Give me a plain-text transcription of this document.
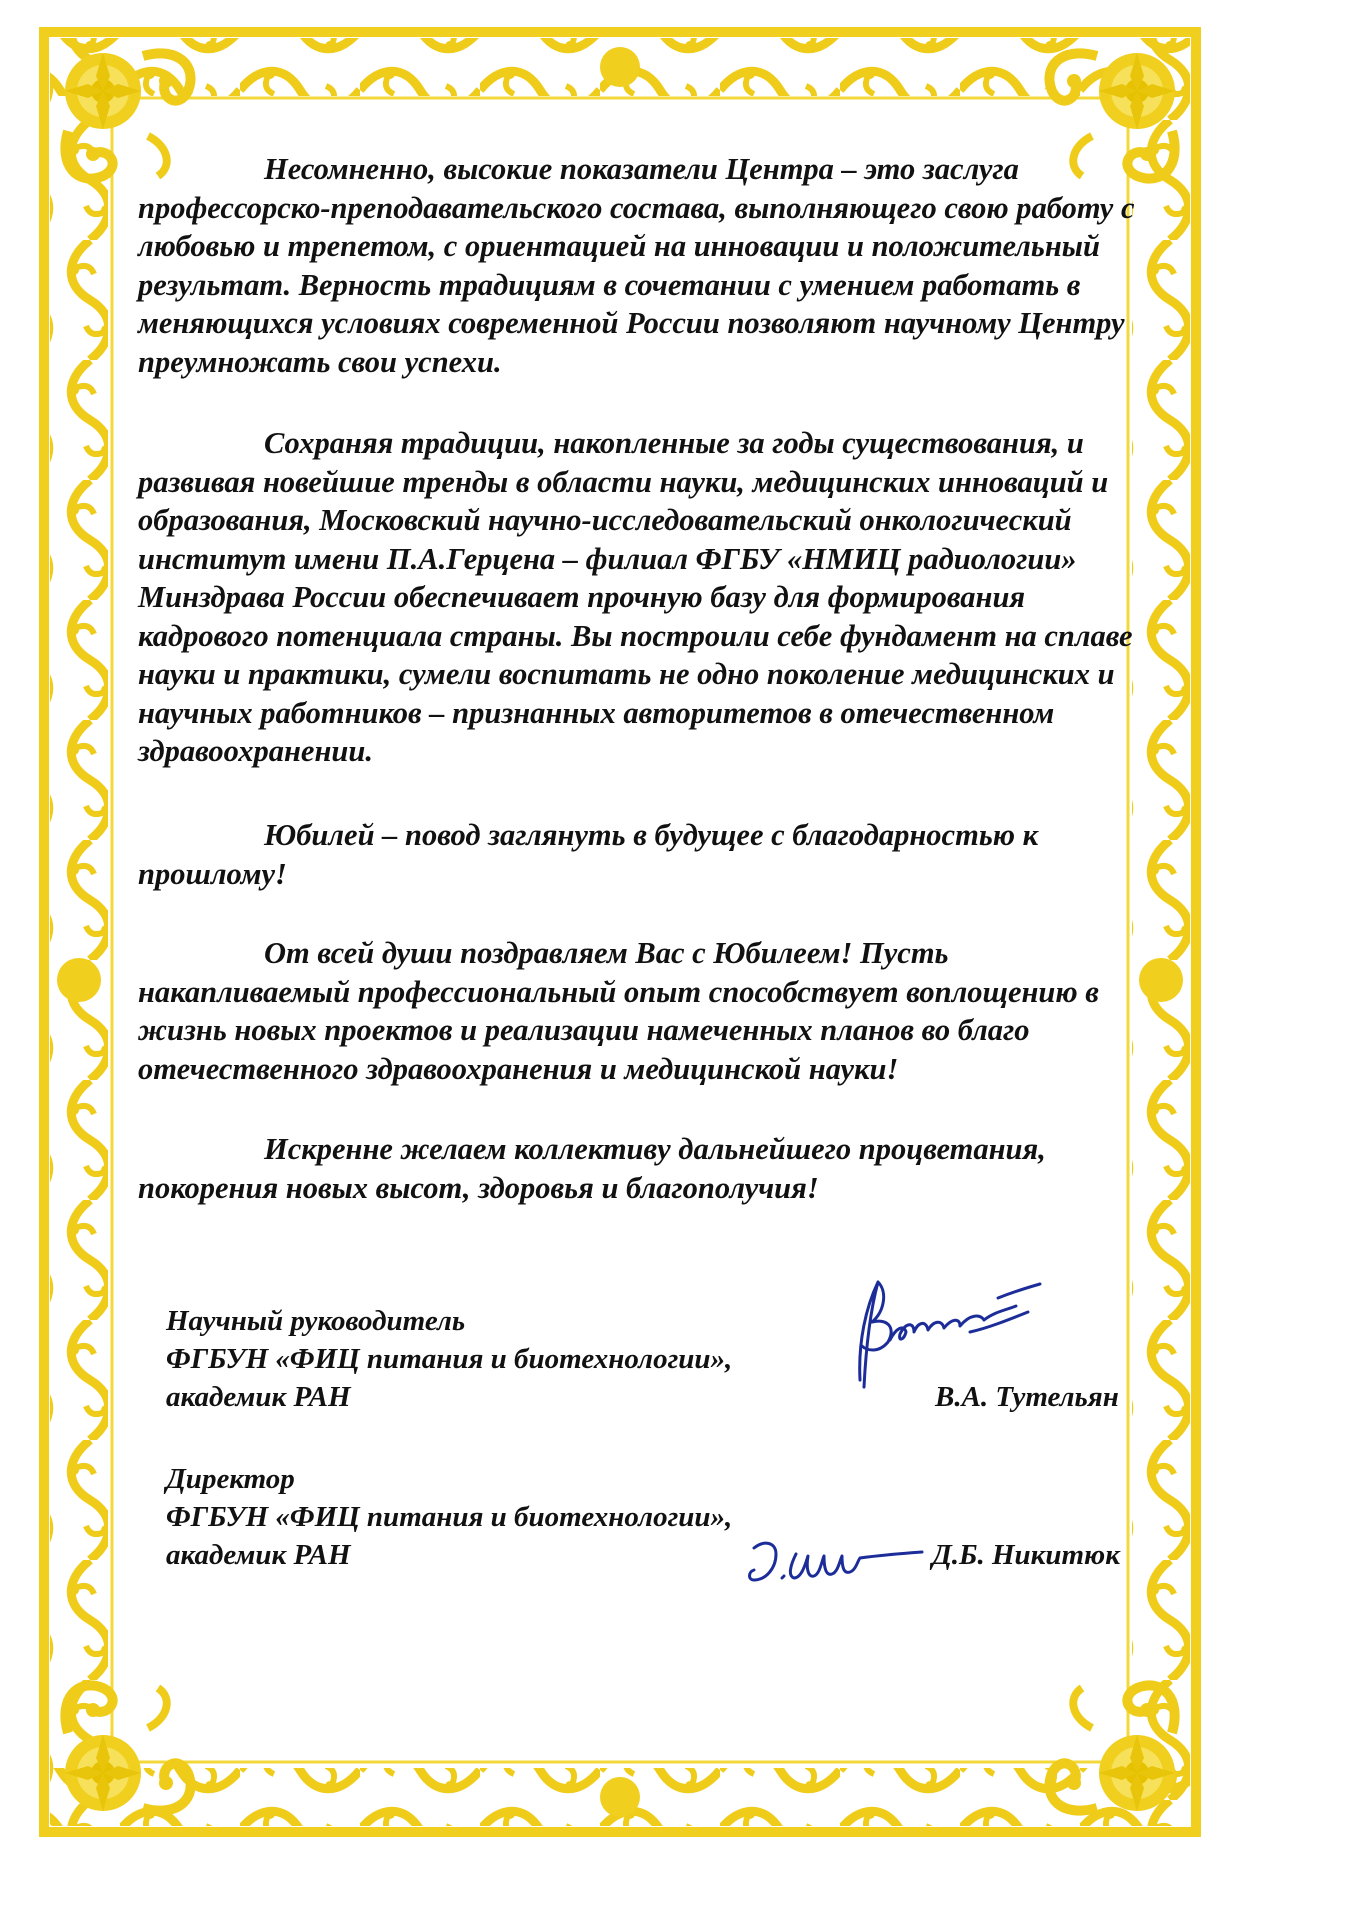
Несомненно, высокие показатели Центра – это заслуга профессорско-преподавательского состава, выполняющего свою работу с любовью и трепетом, с ориентацией на инновации и положительный результат. Верность традициям в сочетании с умением работать в меняющихся условиях современной России позволяют научному Центру преумножать свои успехи.

Сохраняя традиции, накопленные за годы существования, и развивая новейшие тренды в области науки, медицинских инноваций и образования, Московский научно-исследовательский онкологический институт имени П.А.Герцена – филиал ФГБУ «НМИЦ радиологии» Минздрава России обеспечивает прочную базу для формирования кадрового потенциала страны. Вы построили себе фундамент на сплаве науки и практики, сумели воспитать не одно поколение медицинских и научных работников – признанных авторитетов в отечественном здравоохранении.

Юбилей – повод заглянуть в будущее с благодарностью к прошлому!

От всей души поздравляем Вас с Юбилеем! Пусть накапливаемый профессиональный опыт способствует воплощению в жизнь новых проектов и реализации намеченных планов во благо отечественного здравоохранения и медицинской науки!

Искренне желаем коллективу дальнейшего процветания, покорения новых высот, здоровья и благополучия!

Научный руководитель
ФГБУН «ФИЦ питания и биотехнологии»,
академик РАН	В.А. Тутельян
Директор
ФГБУН «ФИЦ питания и биотехнологии»,
академик РАН	Д.Б. Никитюк
